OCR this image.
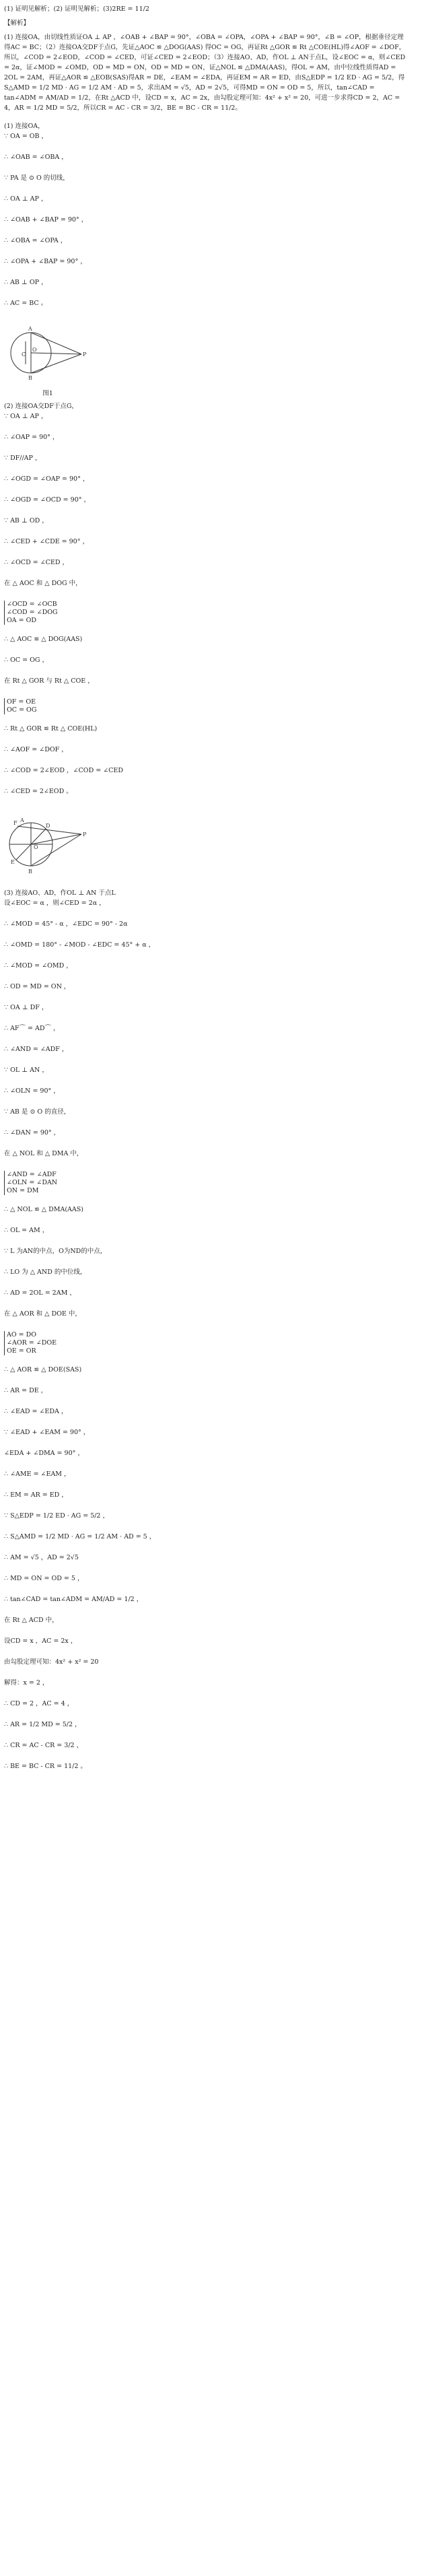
(1) 证明见解析；(2) 证明见解析；(3)2RE = 11/2

【解析】

(1) 连接OA，由切线性质证OA ⊥ AP ，∠OAB + ∠BAP = 90°，∠OBA = ∠OPA，∠OPA + ∠BAP = 90°，∠B = ∠OP，根据垂径定理得AC = BC；（2）连接OA交DF于点G，先证△AOC ≌ △DOG(AAS) 得OC = OG，再证Rt △GOR ≌ Rt △COE(HL)得∠AOF = ∠DOF，所以，∠COD = 2∠EOD，∠COD = ∠CED，可证∠CED = 2∠EOD；（3）连接AO、AD，作OL ⊥ AN于点L，设∠EOC = α，则∠CED = 2α，证∠MOD = ∠OMD，OD = MD = ON，OD = MD = ON，证△NOL ≌ △DMA(AAS)，得OL = AM，由中位线性质得AD = 2OL = 2AM，再证△AOR ≌ △EOB(SAS)得AR = DE，∠EAM = ∠EDA，再证EM = AR = ED，由S△EDP = 1/2 ED · AG = 5/2，得S△AMD = 1/2 MD · AG = 1/2 AM · AD = 5，求出AM = √5，AD = 2√5，可得MD = ON = OD = 5，所以，tan∠CAD = tan∠ADM = AM/AD = 1/2，在Rt △ACD 中，设CD = x，AC = 2x，由勾股定理可知：4x² + x² = 20，可进一步求得CD = 2，AC = 4，AR = 1/2 MD = 5/2，所以CR = AC - CR = 3/2，BE = BC - CR = 11/2。

(1) 连接OA，

∵ OA = OB ，

∴ ∠OAB = ∠OBA ，

∵ PA 是 ⊙ O 的切线，

∴ OA ⊥ AP ，

∴ ∠OAB + ∠BAP = 90° ，

∴ ∠OBA = ∠OPA ，

∴ ∠OPA + ∠BAP = 90° ，

∴ AB ⊥ OP ，

∴ AC = BC 。

A
B
O
P
C
图1

(2) 连接OA交DF于点G，

∵ OA ⊥ AP ，

∴ ∠OAP = 90° ，

∵ DF//AP ，

∴ ∠OGD = ∠OAP = 90° ，

∴ ∠OGD = ∠OCD = 90° ，

∵ AB ⊥ OD ，

∴ ∠CED + ∠CDE = 90° ，

∴ ∠OCD = ∠CED ，

在 △ AOC 和 △ DOG 中，

∠OCD = ∠OCB
∠COD = ∠DOG
OA = OD

∴ △ AOC ≌ △ DOG(AAS)

∴ OC = OG ，

在 Rt △ GOR 与 Rt △ COE ，

OF = OE
OC = OG

∴ Rt △ GOR ≌ Rt △ COE(HL)

∴ ∠AOF = ∠DOF ，

∴ ∠COD = 2∠EOD ，∠COD = ∠CED

∴ ∠CED = 2∠EOD 。

F A
B
O
P
D
E

(3) 连接AO、AD，作OL ⊥ AN 于点L

设∠EOC = α ，则∠CED = 2α ，

∴ ∠MOD = 45° - α ，∠EDC = 90° - 2α

∴ ∠OMD = 180° - ∠MOD - ∠EDC = 45° + α ，

∴ ∠MOD = ∠OMD ，

∴ OD = MD = ON ，

∵ OA ⊥ DF ，

∴ AF⌒ = AD⌒ ，

∴ ∠AND = ∠ADF ，

∵ OL ⊥ AN ，

∴ ∠OLN = 90° ，

∵ AB 是 ⊙ O 的直径，

∴ ∠DAN = 90° ，

在 △ NOL 和 △ DMA 中，

∠AND = ∠ADF
∠OLN = ∠DAN
ON = DM

∴ △ NOL ≌ △ DMA(AAS)

∴ OL = AM ，

∵ L 为AN的中点，O为ND的中点，

∴ LO 为 △ AND 的中位线，

∴ AD = 2OL = 2AM ，

在 △ AOR 和 △ DOE 中，

AO = DO
∠AOR = ∠DOE
OE = OR

∴ △ AOR ≌ △ DOE(SAS)

∴ AR = DE ，

∴ ∠EAD = ∠EDA ，

∵ ∠EAD + ∠EAM = 90° ，

∠EDA + ∠DMA = 90° ，

∴ ∠AME = ∠EAM ，

∴ EM = AR = ED ，

∵ S△EDP = 1/2 ED · AG = 5/2 ，

∴ S△AMD = 1/2 MD · AG = 1/2 AM · AD = 5 ，

∴ AM = √5 ，AD = 2√5

∴ MD = ON = OD = 5 ，

∴ tan∠CAD = tan∠ADM = AM/AD = 1/2 ，

在 Rt △ ACD 中，

设CD = x ，AC = 2x ，

由勾股定理可知：4x² + x² = 20

解得：x = 2 ，

∴ CD = 2 ，AC = 4 ，

∴ AR = 1/2 MD = 5/2 ，

∴ CR = AC - CR = 3/2 ，

∴ BE = BC - CR = 11/2 。
